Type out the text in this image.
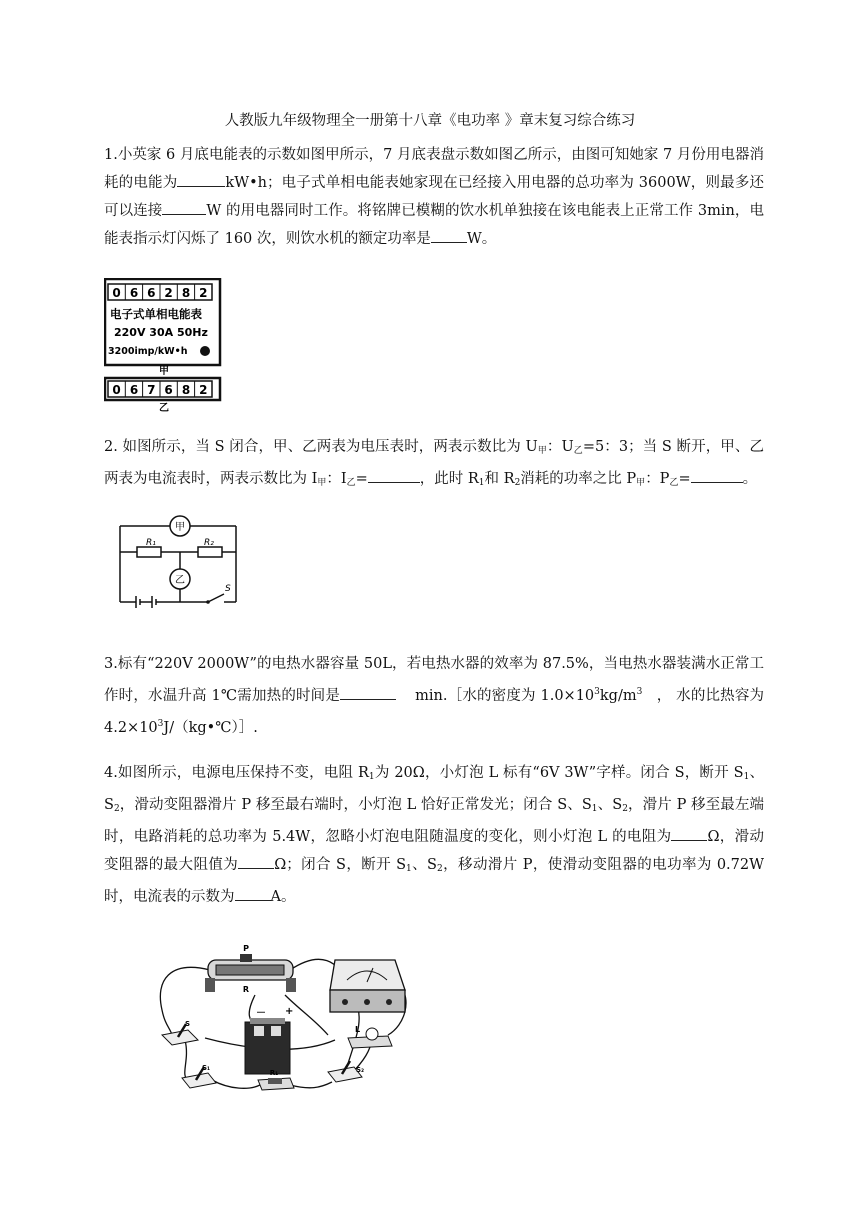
人教版九年级物理全一册第十八章《电功率 》章末复习综合练习
1.小英家 6 月底电能表的示数如图甲所示，7 月底表盘示数如图乙所示，由图可知她家 7 月份用电器消耗的电能为	kW•h；电子式单相电能表她家现在已经接入用电器的总功率为 3600W，则最多还可以连接	W 的用电器同时工作。将铭牌已模糊的饮水机单独接在该电能表上正常工作 3min，电能表指示灯闪烁了 160 次，则饮水机的额定功率是 W。
0 6 6 2 8 2
电子式单相电能表
220V 30A 50Hz
3200imp/kW•h
甲
0 6 7 6 8 2
乙
2. 如图所示，当 S 闭合，甲、乙两表为电压表时，两表示数比为 $U_甲$：$U_乙=5$：3；当 S 断开，甲、乙两表为电流表时，两表示数比为 $I_甲$：$I_乙=$	，此时 $R_1$和 $R_2$消耗的功率之比 $P_甲$：$P_乙=$	。
甲
乙
R₁	R₂
S
3.标有“220V 2000W”的电热水器容量 50L，若电热水器的效率为 87.5%，当电热水器装满水正常工作时，水温升高 1℃需加热的时间是	min.［水的密度为 $1.0\times 10^3kg/m^3$ ， 水的比热容为 $4.2\times 10^3J/(kg•℃)]$.
4.如图所示，电源电压保持不变，电阻 $R_1$为 20Ω，小灯泡 L 标有“6V 3W”字样。闭合 S，断开 $S_1$、$S_2$，滑动变阻器滑片 P 移至最右端时，小灯泡 L 恰好正常发光；闭合 S、$S_1$、$S_2$，滑片 P 移至最左端时，电路消耗的总功率为 5.4W，忽略小灯泡电阻随温度的变化，则小灯泡 L 的电阻为 Ω，滑动变阻器的最大阻值为 Ω；闭合 S，断开 $S_1$、$S_2$，移动滑片 P，使滑动变阻器的电功率为 0.72W 时，电流表的示数为 A。
P
R
－ +
S
S₁
R₁	S₂
L
